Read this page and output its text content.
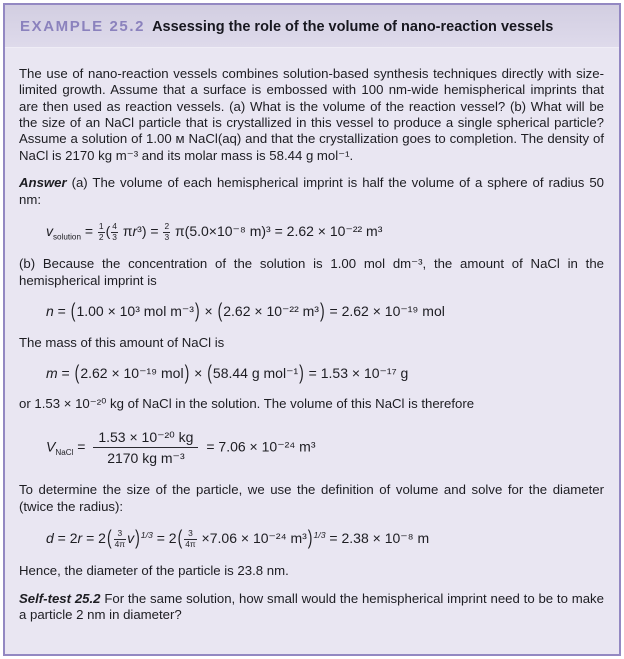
EXAMPLE 25.2 Assessing the role of the volume of nano-reaction vessels

The use of nano-reaction vessels combines solution-based synthesis techniques directly with size-limited growth. Assume that a surface is embossed with 100 nm-wide hemispherical imprints that are then used as reaction vessels. (a) What is the volume of the reaction vessel? (b) What will be the size of an NaCl particle that is crystallized in this vessel to produce a single spherical particle? Assume a solution of 1.00 ᴍ NaCl(aq) and that the crystallization goes to completion. The density of NaCl is 2170 kg m⁻³ and its molar mass is 58.44 g mol⁻¹.

Answer (a) The volume of each hemispherical imprint is half the volume of a sphere of radius 50 nm:

$v_{solution} = \frac{1}{2}$ ( $\frac{4}{3} \pi r^3) = \frac{2}{3} \pi(5.0\times 10^{-8}$ m)³ = 2.62 × 10⁻²² m³

(b) Because the concentration of the solution is 1.00 mol dm⁻³, the amount of NaCl in the hemispherical imprint is

n = (1.00 × 10³ mol m⁻³) × (2.62 × 10⁻²² m³) = 2.62 × 10⁻¹⁹ mol

The mass of this amount of NaCl is

m = (2.62 × 10⁻¹⁹ mol) × (58.44 g mol⁻¹) = 1.53 × 10⁻¹⁷ g

or 1.53 × 10⁻²⁰ kg of NaCl in the solution. The volume of this NaCl is therefore

$V_{NaCl} = \frac{\text{1.53 × 10⁻²⁰ kg}}{\text{2170 kg m⁻³}} = 7.06 \times 10^{-24}$ m³

To determine the size of the particle, we use the definition of volume and solve for the diameter (twice the radius):

$d = 2r = 2( \frac{3}{4\pi} v)^{1/3} = 2( \frac{3}{4\pi} \times 7.06 \times 10^{-24}$ m³)$^{1/3}$ = 2.38 × 10⁻⁸ m

Hence, the diameter of the particle is 23.8 nm.

Self-test 25.2 For the same solution, how small would the hemispherical imprint need to be to make a particle 2 nm in diameter?
